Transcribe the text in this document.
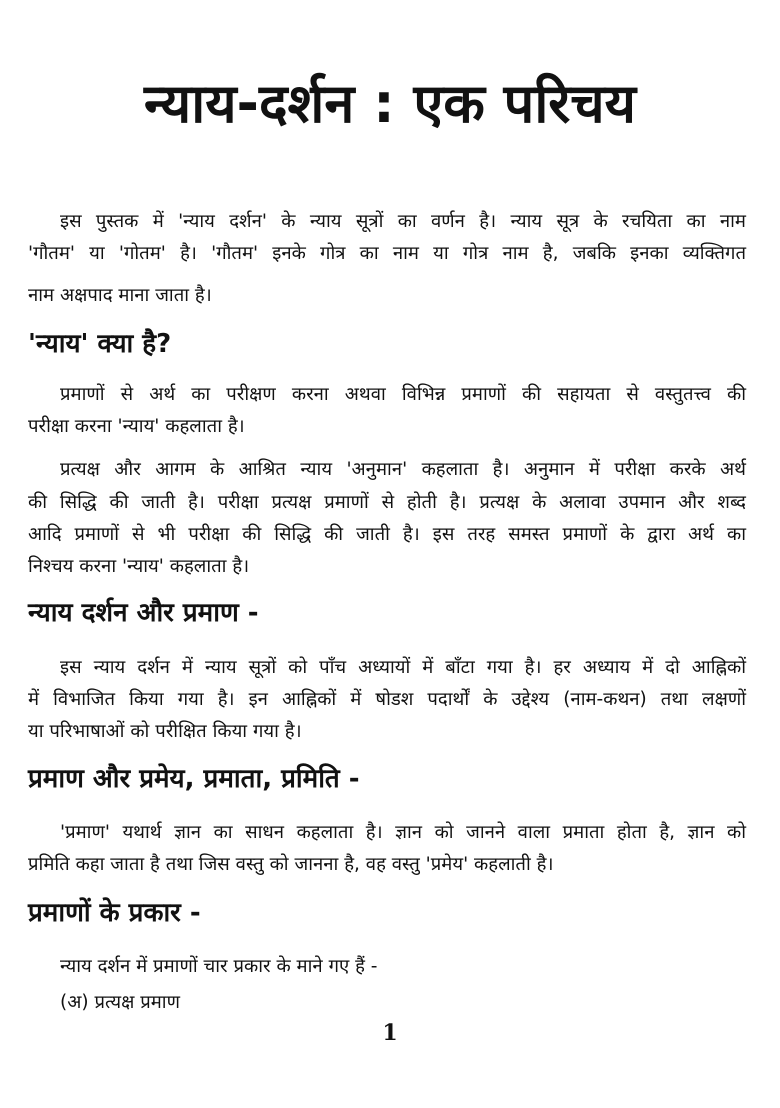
न्याय-दर्शन : एक परिचय
इस पुस्तक में 'न्याय दर्शन' के न्याय सूत्रों का वर्णन है। न्याय सूत्र के रचयिता का नाम
'गौतम' या 'गोतम' है। 'गौतम' इनके गोत्र का नाम या गोत्र नाम है, जबकि इनका व्यक्तिगत
नाम अक्षपाद माना जाता है।
'न्याय' क्या है?
प्रमाणों से अर्थ का परीक्षण करना अथवा विभिन्न प्रमाणों की सहायता से वस्तुतत्त्व की
परीक्षा करना 'न्याय' कहलाता है।
प्रत्यक्ष और आगम के आश्रित न्याय 'अनुमान' कहलाता है। अनुमान में परीक्षा करके अर्थ
की सिद्धि की जाती है। परीक्षा प्रत्यक्ष प्रमाणों से होती है। प्रत्यक्ष के अलावा उपमान और शब्द
आदि प्रमाणों से भी परीक्षा की सिद्धि की जाती है। इस तरह समस्त प्रमाणों के द्वारा अर्थ का
निश्चय करना 'न्याय' कहलाता है।
न्याय दर्शन और प्रमाण -
इस न्याय दर्शन में न्याय सूत्रों को पाँच अध्यायों में बाँटा गया है। हर अध्याय में दो आह्निकों
में विभाजित किया गया है। इन आह्निकों में षोडश पदार्थों के उद्देश्य (नाम-कथन) तथा लक्षणों
या परिभाषाओं को परीक्षित किया गया है।
प्रमाण और प्रमेय, प्रमाता, प्रमिति -
'प्रमाण' यथार्थ ज्ञान का साधन कहलाता है। ज्ञान को जानने वाला प्रमाता होता है, ज्ञान को
प्रमिति कहा जाता है तथा जिस वस्तु को जानना है, वह वस्तु 'प्रमेय' कहलाती है।
प्रमाणों के प्रकार -
न्याय दर्शन में प्रमाणों चार प्रकार के माने गए हैं -
(अ) प्रत्यक्ष प्रमाण
1
